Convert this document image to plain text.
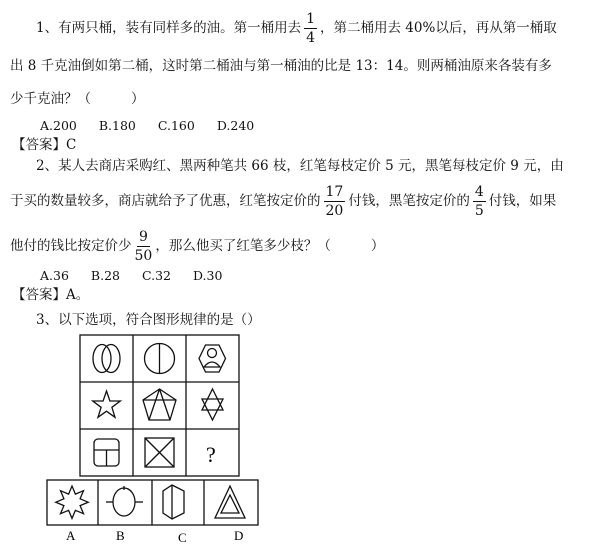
1、有两只桶，装有同样多的油。第一桶用去 $\frac{1}{4}$ ，第二桶用去 40%以后，再从第一桶取
出 8 千克油倒如第二桶，这时第二桶油与第一桶油的比是 13：14。则两桶油原来各装有多
少千克油？（	）
A.200 B.180 C.160 D.240
【答案】C
2、某人去商店采购红、黑两种笔共 66 枝，红笔每枝定价 5 元，黑笔每枝定价 9 元，由
于买的数量较多，商店就给予了优惠，红笔按定价的 $\frac{17}{20}$ 付钱，黑笔按定价的 $\frac{4}{5}$ 付钱，如果
他付的钱比按定价少 $\frac{9}{50}$ ，那么他买了红笔多少枝？（	）
A.36 B.28 C.32 D.30
【答案】A。
3、以下选项，符合图形规律的是（）
?
A	B	C	D
